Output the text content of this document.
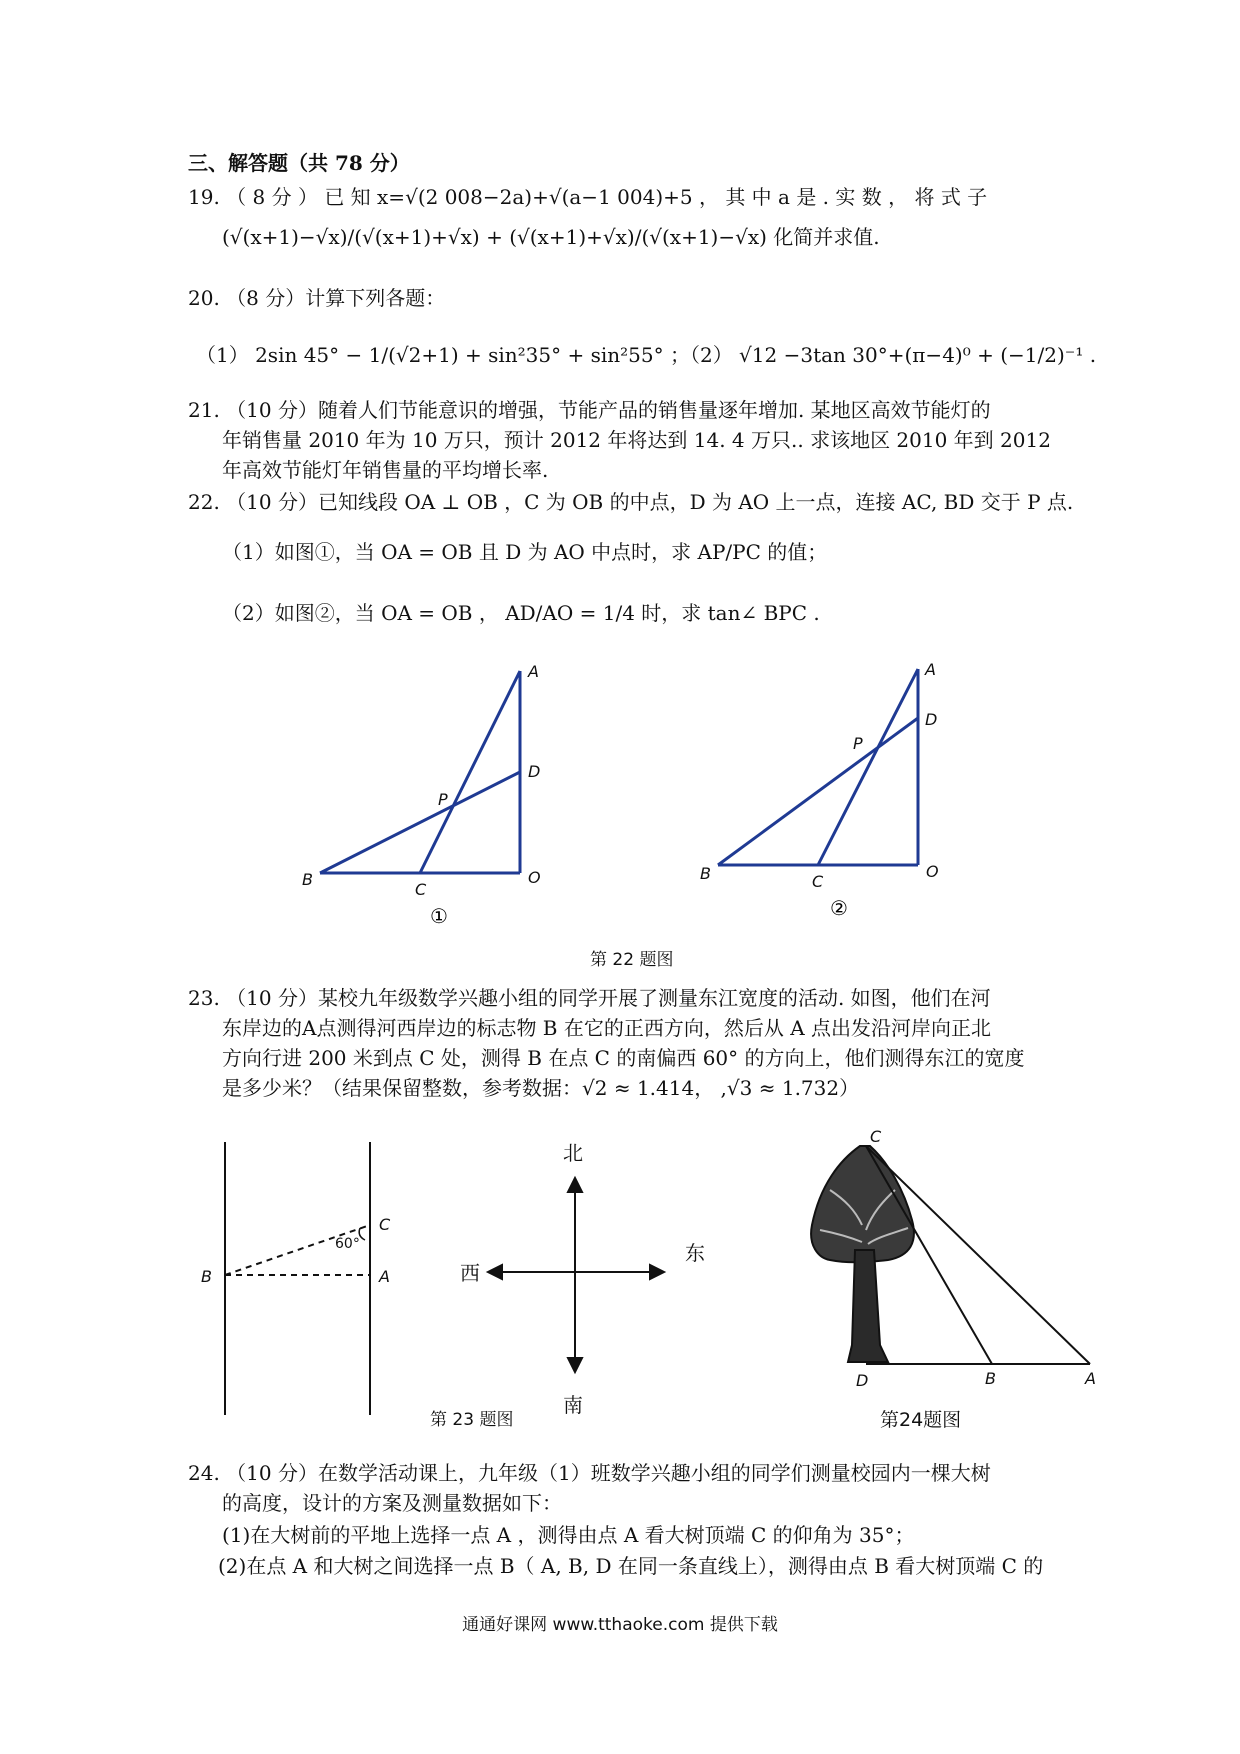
三、解答题（共 78 分）
19. （ 8 分 ） 已 知 x=√(2 008−2a)+√(a−1 004)+5 ， 其 中 a 是 . 实 数 ， 将 式 子
(√(x+1)−√x)/(√(x+1)+√x) + (√(x+1)+√x)/(√(x+1)−√x) 化简并求值.
20. （8 分）计算下列各题：
（1） 2sin 45° − 1/(√2+1) + sin²35° + sin²55° ；（2） √12 −3tan 30°+(π−4)⁰ + (−1/2)⁻¹ .
21. （10 分）随着人们节能意识的增强，节能产品的销售量逐年增加. 某地区高效节能灯的
年销售量 2010 年为 10 万只，预计 2012 年将达到 14. 4 万只.. 求该地区 2010 年到 2012
年高效节能灯年销售量的平均增长率.
22. （10 分）已知线段 OA ⊥ OB ，C 为 OB 的中点，D 为 AO 上一点，连接 AC, BD 交于 P 点.
（1）如图①，当 OA = OB 且 D 为 AO 中点时，求 AP/PC 的值；
（2）如图②，当 OA = OB ， AD/AO = 1/4 时，求 tan∠ BPC .
A
D
P
B
C
O
①
A
D
P
B	C
O
②
第 22 题图
23. （10 分）某校九年级数学兴趣小组的同学开展了测量东江宽度的活动. 如图，他们在河
东岸边的A点测得河西岸边的标志物 B 在它的正西方向，然后从 A 点出发沿河岸向正北
方向行进 200 米到点 C 处，测得 B 在点 C 的南偏西 60° 的方向上，他们测得东江的宽度
是多少米？（结果保留整数，参考数据：√2 ≈ 1.414， ,√3 ≈ 1.732）
B	A
C
60°
北
南
西
东
第 23 题图
C
D	B	A
第24题图
24. （10 分）在数学活动课上，九年级（1）班数学兴趣小组的同学们测量校园内一棵大树
的高度，设计的方案及测量数据如下：
(1)在大树前的平地上选择一点 A ，测得由点 A 看大树顶端 C 的仰角为 35°；
(2)在点 A 和大树之间选择一点 B（ A, B, D 在同一条直线上），测得由点 B 看大树顶端 C 的
通通好课网 www.tthaoke.com 提供下载
